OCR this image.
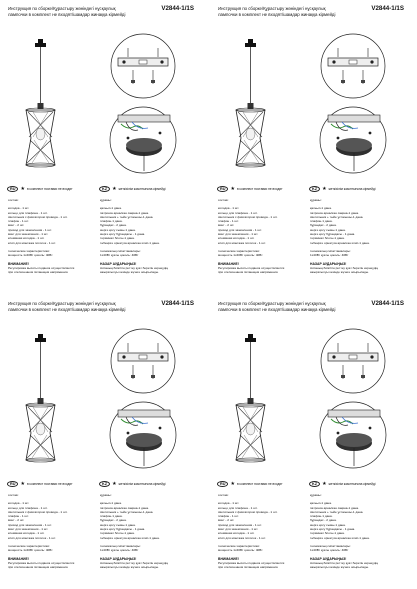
Инструкция по сборке/Құрастыру жөніндегі нұсқаулық	V2844-1/1S
лампочки в комплект не входят/шамдар жинаққа кірмейді
RU	★ в комплект поставки не входит	KZ	★ жеткізілім жиынтығына кірмейді
состав:
колодка - 1 шт.
кольцо для плафона - 1 шт.
светильник с фиксатором провода - 1 шт.
плафон - 1 шт.
винт - 2 шт.
провод для заземления - 1 шт.
винт для заземления - 1 шт.
клеммная колодка - 1 шт.
клип для монтажа потолок - 1 шт.
технические характеристики:
мощность 1x40Вт цоколь: 40Вт
ВНИМАНИЕ!
Регулировка высоты подвеса осуществляется
при отключенном питающем напряжении.
құрамы:
қальып-1 дана.
патронға арналған сақина-1 дана.
светильник + тыйе ұстағышы-1 дана.
плафон-1 дана.
бұрандас - 2 дана.
жерге қосу сымы-1 дана.
жерге қосу бұрандасы - 1 дана.
терминал блогы-1 дана.
төбеңізге орнатуға арналған клип-1 дана.
техникалық сипаттамалары:
1x40Вт қуаты цоколь: 40Вт
НАЗАР АУДАРЫҢЫЗ!
Аспаның биіктігін реттеу қуат беретін кернеудің
ажыратылуы кезінде жүзеге асырылады.
Инструкция по сборке/Құрастыру жөніндегі нұсқаулық	V2844-1/1S
лампочки в комплект не входят/шамдар жинаққа кірмейді
RU	★ в комплект поставки не входит	KZ	★ жеткізілім жиынтығына кірмейді
состав:
колодка - 1 шт.
кольцо для плафона - 1 шт.
светильник с фиксатором провода - 1 шт.
плафон - 1 шт.
винт - 2 шт.
провод для заземления - 1 шт.
винт для заземления - 1 шт.
клеммная колодка - 1 шт.
клип для монтажа потолок - 1 шт.
технические характеристики:
мощность 1x40Вт цоколь: 40Вт
ВНИМАНИЕ!
Регулировка высоты подвеса осуществляется
при отключенном питающем напряжении.
құрамы:
қальып-1 дана.
патронға арналған сақина-1 дана.
светильник + тыйе ұстағышы-1 дана.
плафон-1 дана.
бұрандас - 2 дана.
жерге қосу сымы-1 дана.
жерге қосу бұрандасы - 1 дана.
терминал блогы-1 дана.
төбеңізге орнатуға арналған клип-1 дана.
техникалық сипаттамалары:
1x40Вт қуаты цоколь: 40Вт
НАЗАР АУДАРЫҢЫЗ!
Аспаның биіктігін реттеу қуат беретін кернеудің
ажыратылуы кезінде жүзеге асырылады.
Инструкция по сборке/Құрастыру жөніндегі нұсқаулық	V2844-1/1S
лампочки в комплект не входят/шамдар жинаққа кірмейді
RU	★ в комплект поставки не входит	KZ	★ жеткізілім жиынтығына кірмейді
состав:
колодка - 1 шт.
кольцо для плафона - 1 шт.
светильник с фиксатором провода - 1 шт.
плафон - 1 шт.
винт - 2 шт.
провод для заземления - 1 шт.
винт для заземления - 1 шт.
клеммная колодка - 1 шт.
клип для монтажа потолок - 1 шт.
технические характеристики:
мощность 1x40Вт цоколь: 40Вт
ВНИМАНИЕ!
Регулировка высоты подвеса осуществляется
при отключенном питающем напряжении.
құрамы:
қальып-1 дана.
патронға арналған сақина-1 дана.
светильник + тыйе ұстағышы-1 дана.
плафон-1 дана.
бұрандас - 2 дана.
жерге қосу сымы-1 дана.
жерге қосу бұрандасы - 1 дана.
терминал блогы-1 дана.
төбеңізге орнатуға арналған клип-1 дана.
техникалық сипаттамалары:
1x40Вт қуаты цоколь: 40Вт
НАЗАР АУДАРЫҢЫЗ!
Аспаның биіктігін реттеу қуат беретін кернеудің
ажыратылуы кезінде жүзеге асырылады.
Инструкция по сборке/Құрастыру жөніндегі нұсқаулық	V2844-1/1S
лампочки в комплект не входят/шамдар жинаққа кірмейді
RU	★ в комплект поставки не входит	KZ	★ жеткізілім жиынтығына кірмейді
состав:
колодка - 1 шт.
кольцо для плафона - 1 шт.
светильник с фиксатором провода - 1 шт.
плафон - 1 шт.
винт - 2 шт.
провод для заземления - 1 шт.
винт для заземления - 1 шт.
клеммная колодка - 1 шт.
клип для монтажа потолок - 1 шт.
технические характеристики:
мощность 1x40Вт цоколь: 40Вт
ВНИМАНИЕ!
Регулировка высоты подвеса осуществляется
при отключенном питающем напряжении.
құрамы:
қальып-1 дана.
патронға арналған сақина-1 дана.
светильник + тыйе ұстағышы-1 дана.
плафон-1 дана.
бұрандас - 2 дана.
жерге қосу сымы-1 дана.
жерге қосу бұрандасы - 1 дана.
терминал блогы-1 дана.
төбеңізге орнатуға арналған клип-1 дана.
техникалық сипаттамалары:
1x40Вт қуаты цоколь: 40Вт
НАЗАР АУДАРЫҢЫЗ!
Аспаның биіктігін реттеу қуат беретін кернеудің
ажыратылуы кезінде жүзеге асырылады.
